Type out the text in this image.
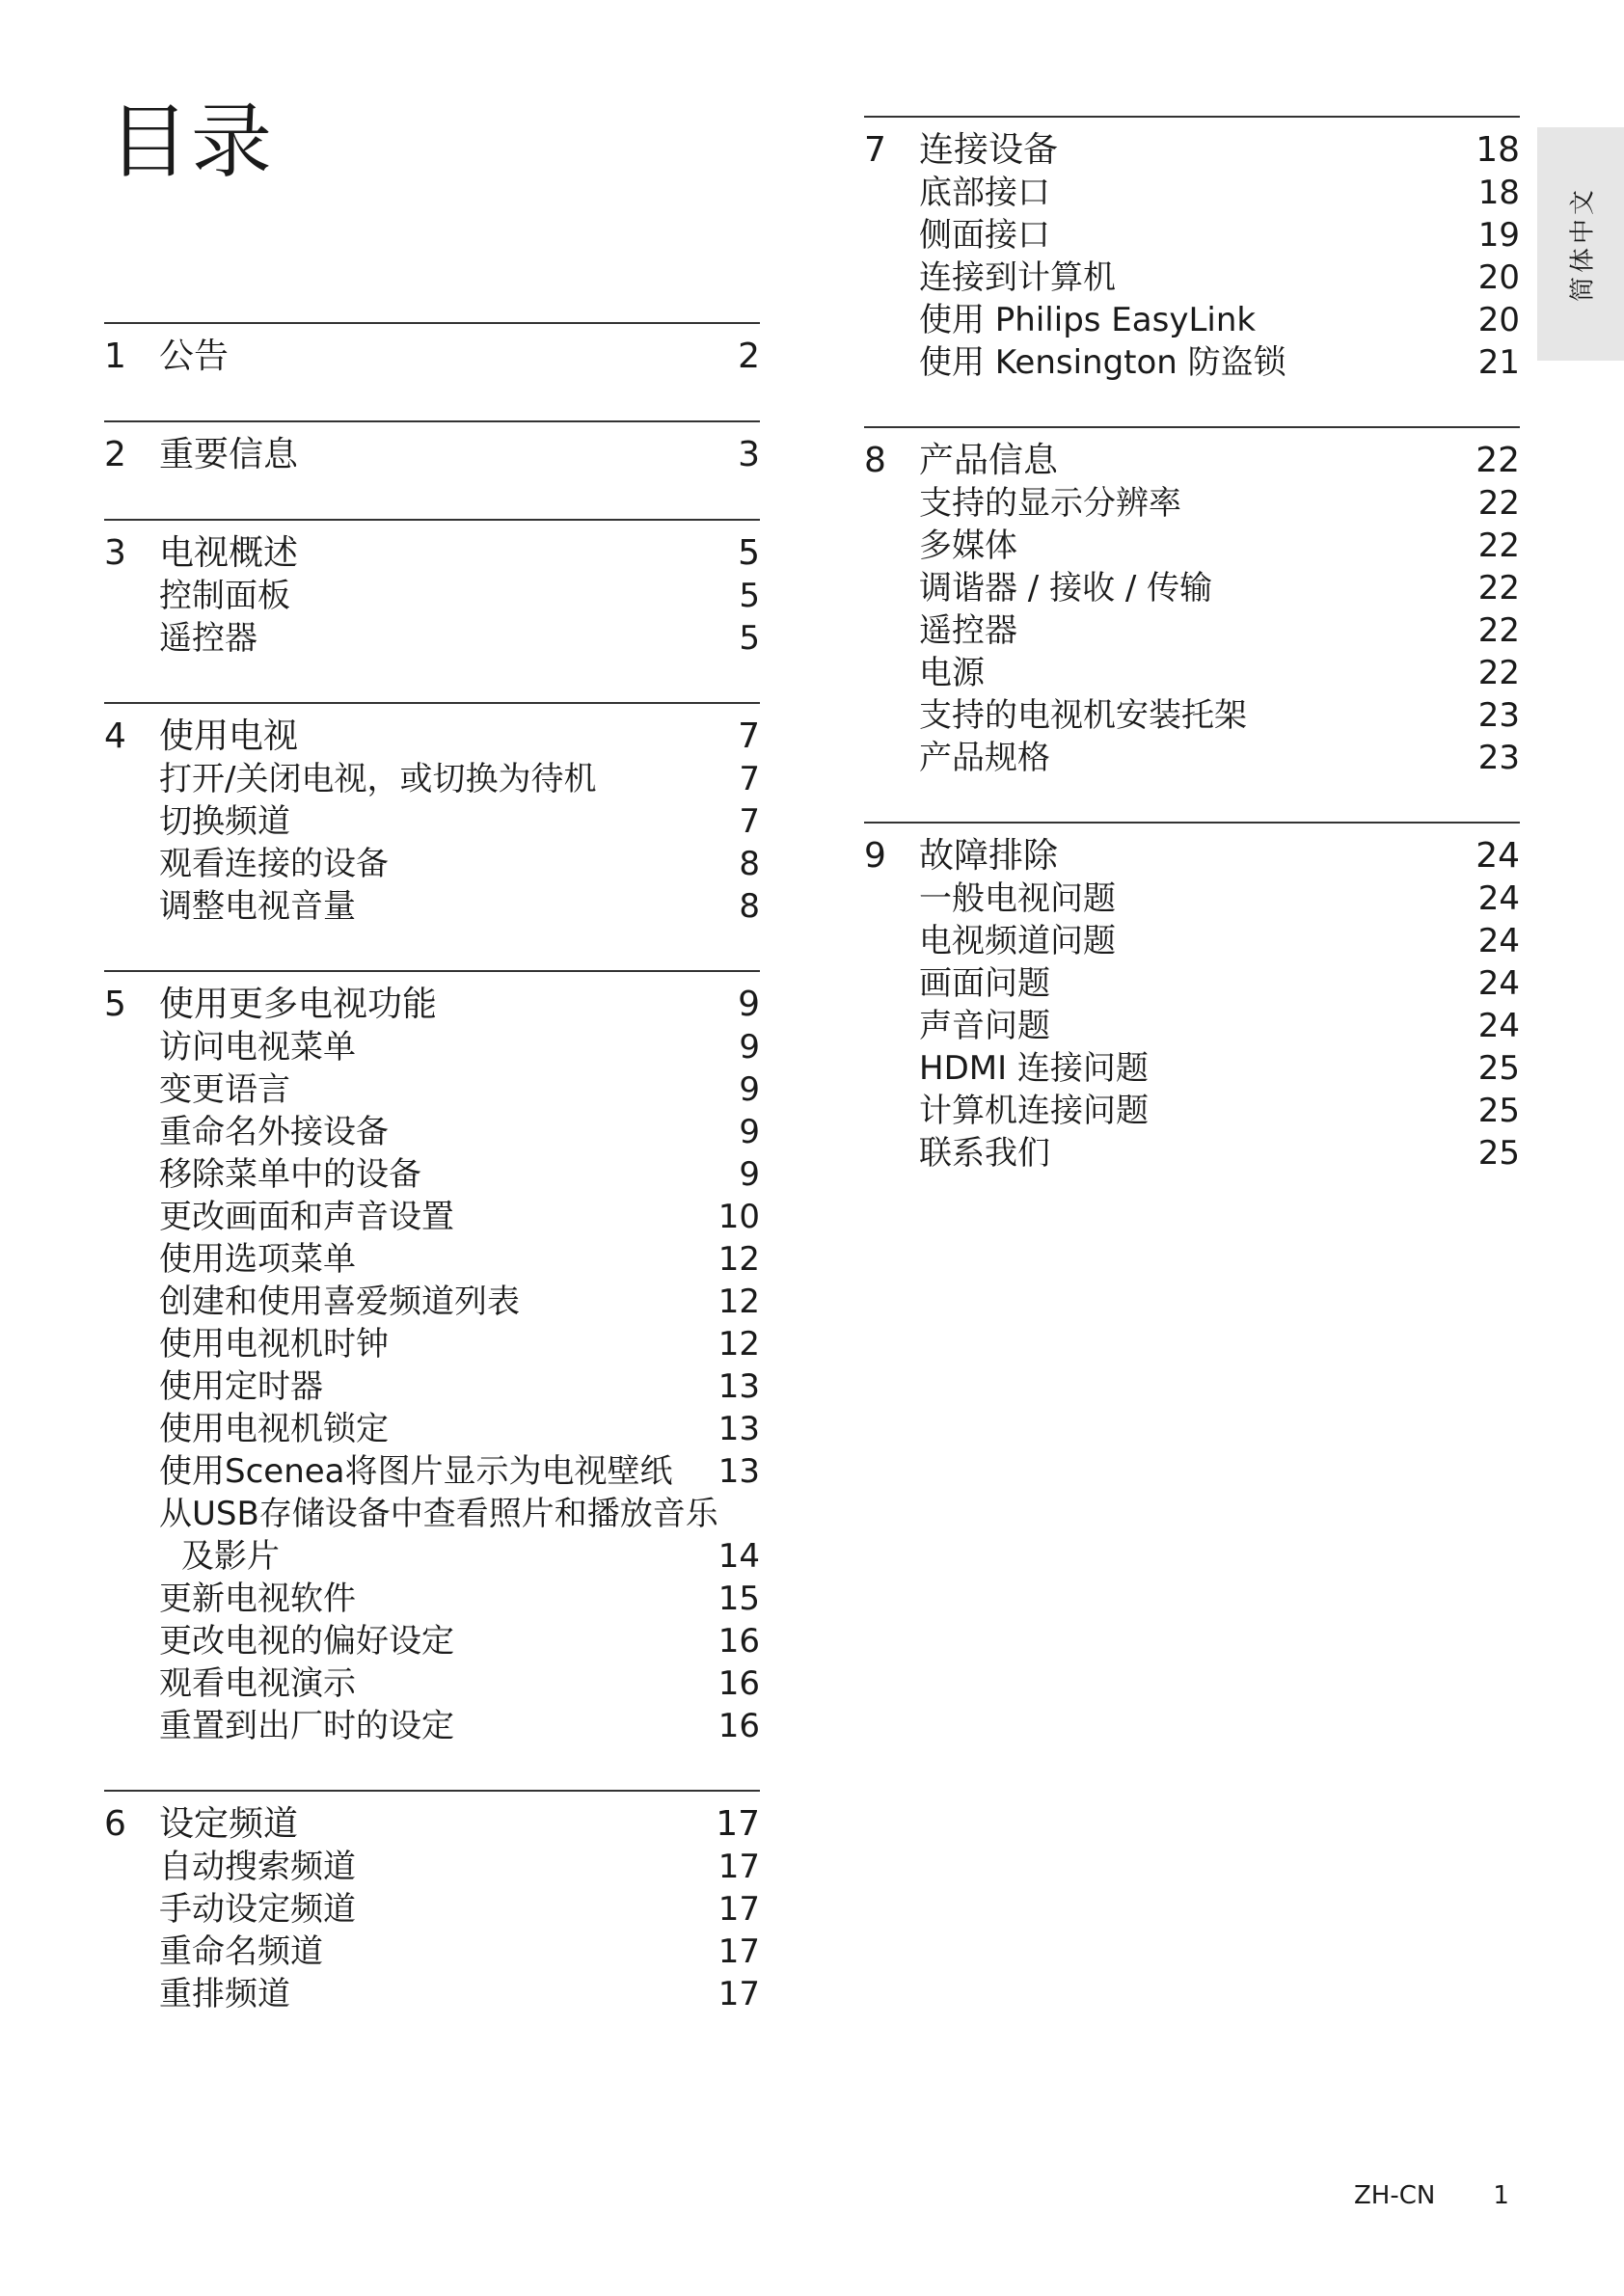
目录
1 公告	2
2 重要信息	3
3 电视概述	5
控制面板	5
遥控器	5
4 使用电视	7
打开/关闭电视，或切换为待机	7
切换频道	7
观看连接的设备	8
调整电视音量	8
5 使用更多电视功能	9
访问电视菜单	9
变更语言	9
重命名外接设备	9
移除菜单中的设备	9
更改画面和声音设置	10
使用选项菜单	12
创建和使用喜爱频道列表	12
使用电视机时钟	12
使用定时器	13
使用电视机锁定	13
使用Scenea将图片显示为电视壁纸 13
从USB存储设备中查看照片和播放音乐
及影片	14
更新电视软件	15
更改电视的偏好设定	16
观看电视演示	16
重置到出厂时的设定	16
6 设定频道	17
自动搜索频道	17
手动设定频道	17
重命名频道	17
重排频道	17
7 连接设备	18
底部接口	18
侧面接口	19
连接到计算机	20
使用 Philips EasyLink	20
使用 Kensington 防盗锁	21
8 产品信息	22
支持的显示分辨率	22
多媒体	22
调谐器 / 接收 / 传输	22
遥控器	22
电源	22
支持的电视机安装托架	23
产品规格	23
9 故障排除	24
一般电视问题	24
电视频道问题	24
画面问题	24
声音问题	24
HDMI 连接问题	25
计算机连接问题	25
联系我们	25
简体中文
ZH-CN 1
